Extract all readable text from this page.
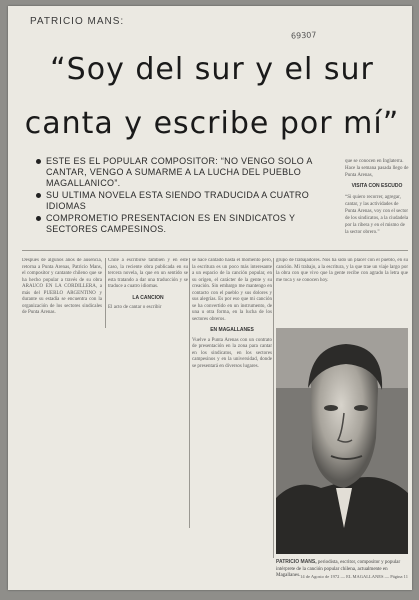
PATRICIO MANS:
69307
“Soy del sur y el sur
canta y escribe por mí”
ESTE ES EL POPULAR COMPOSITOR: “NO VENGO SOLO A CANTAR, VENGO A SUMARME A LA LUCHA DEL PUEBLO MAGALLANICO”.
SU ULTIMA NOVELA ESTA SIENDO TRADUCIDA A CUATRO IDIOMAS
COMPROMETIO PRESENTACION ES EN SINDICATOS Y SECTORES CAMPESINOS.
que se conocen en Inglaterra. Hace la semana pasada llego de Punta Arenas,
VISITA CON ESCUDO
“Si quiero recorrer, agregar, cantar, y las actividades de Punta Arenas, voy con el sector de los sindicatos, a la ciudadela por la ribera y en el mismo de la sector obrero.”

Después de algunos años de ausencia, retorna a Punta Arenas, Patricio Mans, el compositor y cantante chileno que se ha hecho popular a través de su obra ARAUCO EN LA CORDILLERA, a más del PUEBLO ARGENTINO y durante su estadía se encuentra con la organización de los sectores sindicales de Punta Arenas.

Chile a escribirse también y en este caso, la reciente obra publicada en su tercera novela, la que en un sentido se esta tratando a dar una traducción y se traduce a cuatro idiomas.

LA CANCION

El acto de cantar o escribir

se hace cantado hasta el momento pero, la escritura es un poco más interesante a un espacio de la canción popular, en su origen, el carácter de la gente y su creación. Sin embargo me mantengo en contacto con el pueblo y sus dolores y sus alegrías. Es por eso que mi canción se ha convertido en un instrumento, de una u otra forma, en la lucha de los sectores obreros.

EN MAGALLANES

Vuelve a Punta Arenas con un contrato de presentación en la zona para cantar en los sindicatos, en los sectores campesinos y en la universidad, donde se presentará en diversos lugares.

grupo de trabajadores. Nos ha sido un placer con el pueblo, en su canción. Mi trabajo, a la escritura, y la que trae un viaje largo por la obra con que vivo que la gente recibe con agrado la letra que me toca y se conocen hoy.

PATRICIO MANS, periodista, escritor, compositor y popular intérprete de la canción popular chilena, actualmente en Magallanes. 14 de Agosto de 1972 — EL MAGALLANES — Página 11
